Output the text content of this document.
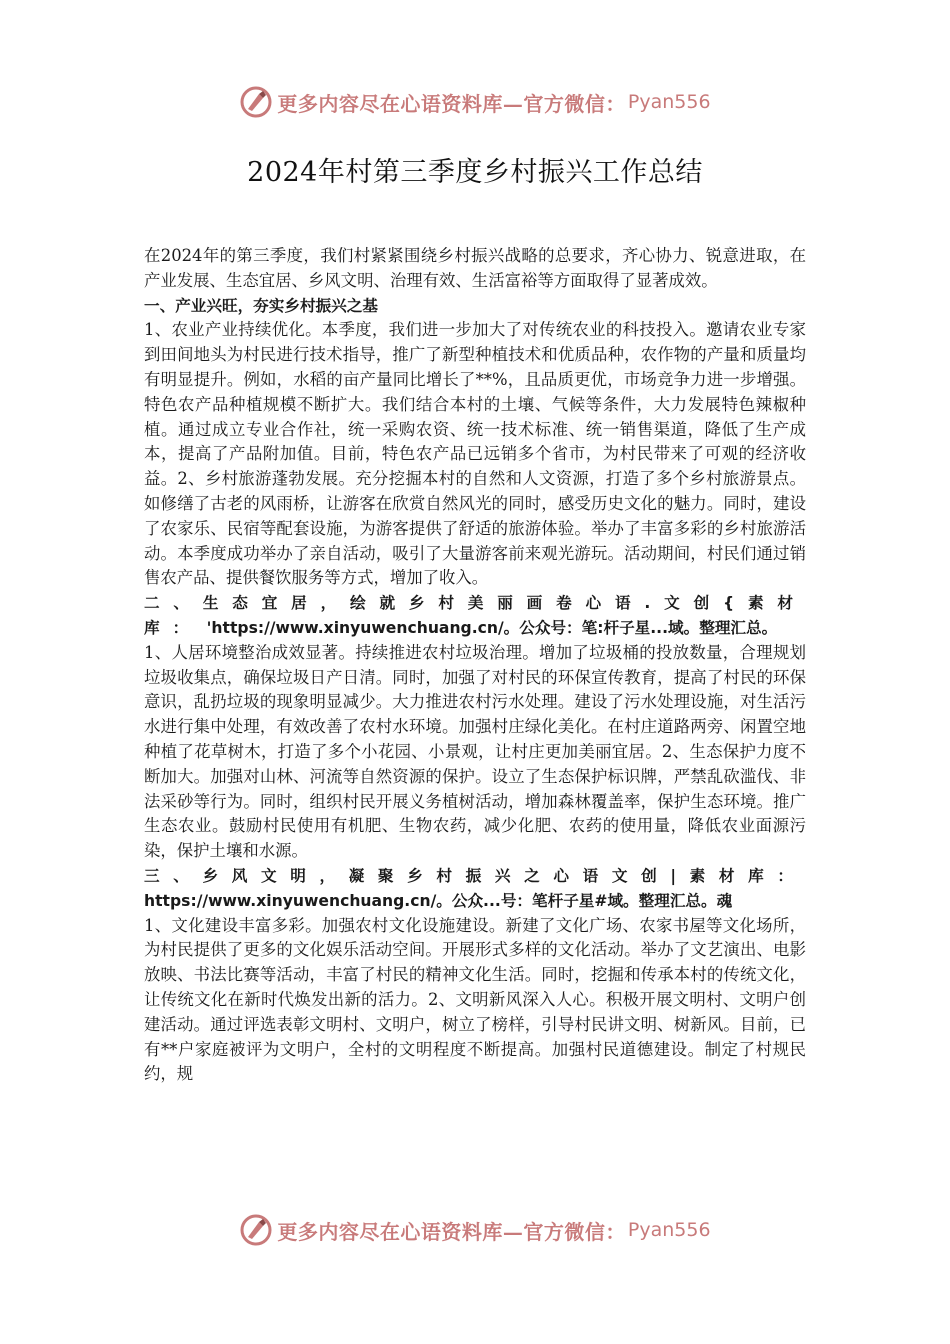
更多内容尽在心语资料库—官方微信： Pyan556
2024年村第三季度乡村振兴工作总结

在2024年的第三季度，我们村紧紧围绕乡村振兴战略的总要求，齐心协力、锐意进取，在产业发展、生态宜居、乡风文明、治理有效、生活富裕等方面取得了显著成效。

一、产业兴旺，夯实乡村振兴之基

1、农业产业持续优化。本季度，我们进一步加大了对传统农业的科技投入。邀请农业专家到田间地头为村民进行技术指导，推广了新型种植技术和优质品种，农作物的产量和质量均有明显提升。例如，水稻的亩产量同比增长了**%，且品质更优，市场竞争力进一步增强。特色农产品种植规模不断扩大。我们结合本村的土壤、气候等条件，大力发展特色辣椒种植。通过成立专业合作社，统一采购农资、统一技术标准、统一销售渠道，降低了生产成本，提高了产品附加值。目前，特色农产品已远销多个省市，为村民带来了可观的经济收益。2、乡村旅游蓬勃发展。充分挖掘本村的自然和人文资源，打造了多个乡村旅游景点。如修缮了古老的风雨桥，让游客在欣赏自然风光的同时，感受历史文化的魅力。同时，建设了农家乐、民宿等配套设施，为游客提供了舒适的旅游体验。举办了丰富多彩的乡村旅游活动。本季度成功举办了亲自活动，吸引了大量游客前来观光游玩。活动期间，村民们通过销售农产品、提供餐饮服务等方式，增加了收入。

二、生态宜居，绘就乡村美丽画卷心语.文创{素材库： 'https://www.xinyuwenchuang.cn/。公众号：笔:杆子星...域。整理汇总。

1、人居环境整治成效显著。持续推进农村垃圾治理。增加了垃圾桶的投放数量，合理规划垃圾收集点，确保垃圾日产日清。同时，加强了对村民的环保宣传教育，提高了村民的环保意识，乱扔垃圾的现象明显减少。大力推进农村污水处理。建设了污水处理设施，对生活污水进行集中处理，有效改善了农村水环境。加强村庄绿化美化。在村庄道路两旁、闲置空地种植了花草树木，打造了多个小花园、小景观，让村庄更加美丽宜居。2、生态保护力度不断加大。加强对山林、河流等自然资源的保护。设立了生态保护标识牌，严禁乱砍滥伐、非法采砂等行为。同时，组织村民开展义务植树活动，增加森林覆盖率，保护生态环境。推广生态农业。鼓励村民使用有机肥、生物农药，减少化肥、农药的使用量，降低农业面源污染，保护土壤和水源。

三、乡风文明，凝聚乡村振兴之心语文创|素材库： https://www.xinyuwenchuang.cn/。公众...号：笔杆子星#域。整理汇总。魂

1、文化建设丰富多彩。加强农村文化设施建设。新建了文化广场、农家书屋等文化场所，为村民提供了更多的文化娱乐活动空间。开展形式多样的文化活动。举办了文艺演出、电影放映、书法比赛等活动，丰富了村民的精神文化生活。同时，挖掘和传承本村的传统文化，让传统文化在新时代焕发出新的活力。2、文明新风深入人心。积极开展文明村、文明户创建活动。通过评选表彰文明村、文明户，树立了榜样，引导村民讲文明、树新风。目前，已有**户家庭被评为文明户，全村的文明程度不断提高。加强村民道德建设。制定了村规民约，规

更多内容尽在心语资料库—官方微信： Pyan556
